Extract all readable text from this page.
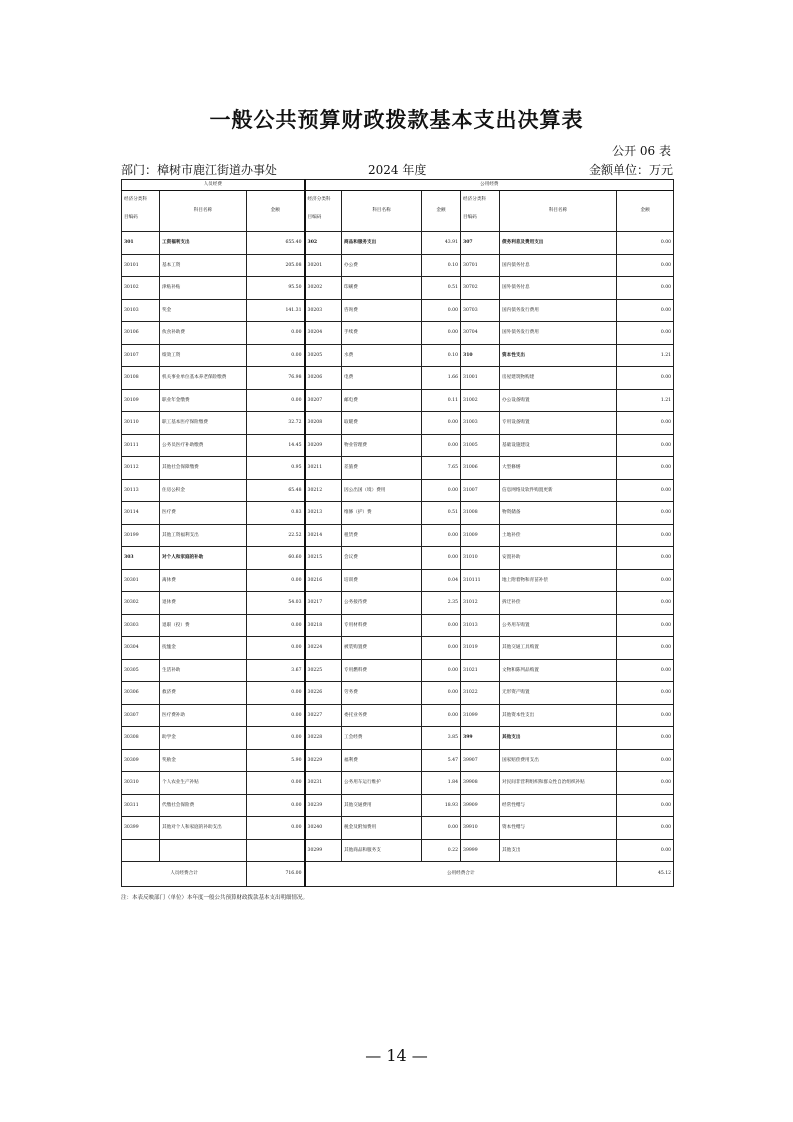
一般公共预算财政拨款基本支出决算表
公开 06 表
部门：樟树市鹿江街道办事处	2024 年度	金额单位：万元
人员经费			公用经费					
经济分类科

目编码	科目名称	金额	经济分类科

目编码	科目名称	金额	经济分类科

目编码	科目名称	金额
301	工资福利支出	655.40	302	商品和服务支出	43.91	307	债务利息及费用支出	0.00
30101	基本工资	205.08	30201	办公费	0.10	30701	国内债务付息	0.00
30102	津贴补贴	95.50	30202	印刷费	0.51	30702	国外债务付息	0.00
30103	奖金	141.31	30203	咨询费	0.00	30703	国内债务发行费用	0.00
30106	伙食补助费	0.00	30204	手续费	0.00	30704	国外债务发行费用	0.00
30107	绩效工资	0.00	30205	水费	0.10	310	资本性支出	1.21
30108	机关事业单位基本养老保险缴费	76.98	30206	电费	1.66	31001	房屋建筑物购建	0.00
30109	职业年金缴费	0.00	30207	邮电费	0.11	31002	办公设备购置	1.21
30110	职工基本医疗保险缴费	32.72	30208	取暖费	0.00	31003	专用设备购置	0.00
30111	公务员医疗补助缴费	14.45	30209	物业管理费	0.00	31005	基础设施建设	0.00
30112	其他社会保障缴费	0.95	30211	差旅费	7.65	31006	大型修缮	0.00
30113	住房公积金	65.48	30212	因公出国（境）费用	0.00	31007	信息网络及软件购置更新	0.00
30114	医疗费	0.83	30213	维修（护）费	0.51	31008	物资储备	0.00
30199	其他工资福利支出	22.52	30214	租赁费	0.00	31009	土地补偿	0.00
303	对个人和家庭的补助	60.60	30215	会议费	0.00	31010	安置补助	0.00
30301	离休费	0.00	30216	培训费	0.04	310111	地上附着物和青苗补偿	0.00
30302	退休费	54.03	30217	公务接待费	2.35	31012	拆迁补偿	0.00
30303	退职（役）费	0.00	30218	专用材料费	0.00	31013	公务用车购置	0.00
30304	抚恤金	0.00	30224	被装购置费	0.00	31019	其他交通工具购置	0.00
30305	生活补助	3.67	30225	专用燃料费	0.00	31021	文物和陈列品购置	0.00
30306	救济费	0.00	30226	劳务费	0.00	31022	无形资产购置	0.00
30307	医疗费补助	0.00	30227	委托业务费	0.00	31099	其他资本性支出	0.00
30308	助学金	0.00	30228	工会经费	3.85	399	其他支出	0.00
30309	奖励金	5.90	30229	福利费	5.47	39907	国家赔偿费用支出	0.00
30310	个人农业生产补贴	0.00	30231	公务用车运行维护	1.84	39908	对民间非营利组织和群众性自治组织补贴	0.00
30311	代缴社会保险费	0.00	30239	其他交通费用	18.93	39909	经常性赠与	0.00
30399	其他对个人和家庭的补助支出	0.00	30240	税金及附加费用	0.00	39910	资本性赠与	0.00
			30299	其他商品和服务支	0.22	39999	其他支出	0.00
人员经费合计		716.00	公用经费合计					45.12
注：本表反映部门（单位）本年度一般公共预算财政拨款基本支出明细情况。
— 14 —
